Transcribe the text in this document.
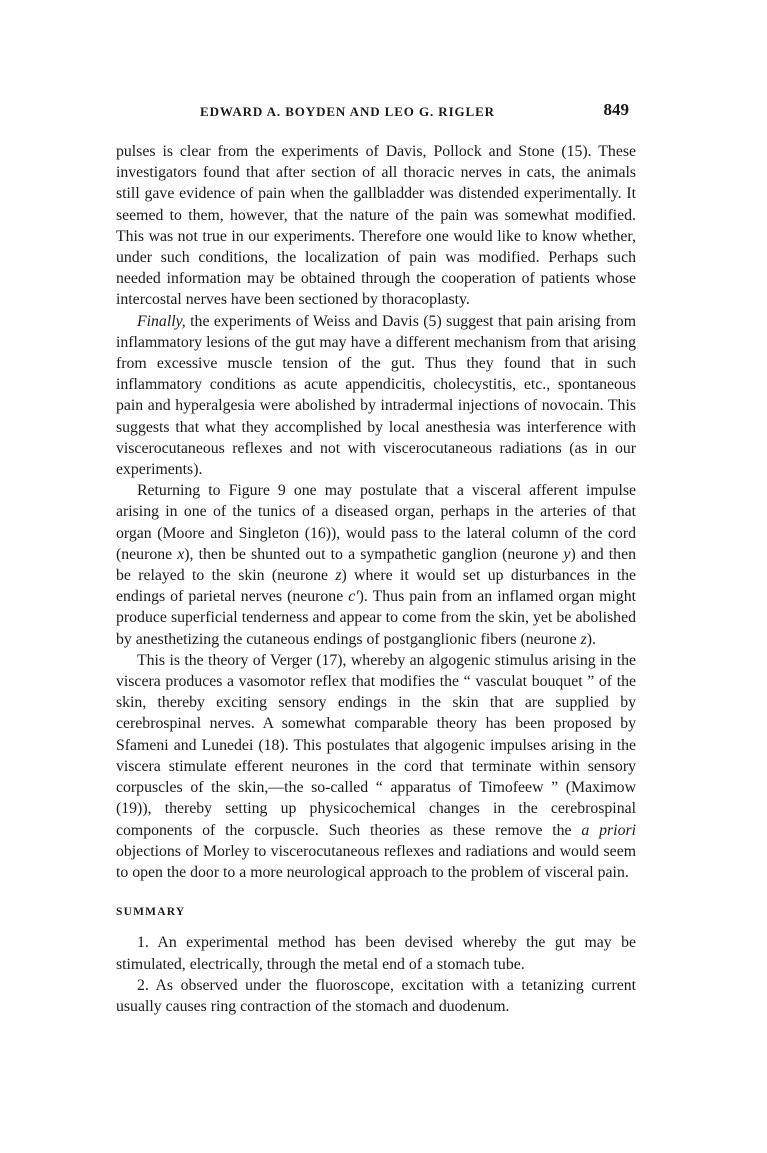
EDWARD A. BOYDEN AND LEO G. RIGLER	849

pulses is clear from the experiments of Davis, Pollock and Stone (15). These investigators found that after section of all thoracic nerves in cats, the animals still gave evidence of pain when the gallbladder was distended experimentally. It seemed to them, however, that the nature of the pain was somewhat modified. This was not true in our experiments. Therefore one would like to know whether, under such conditions, the localization of pain was modified. Perhaps such needed information may be obtained through the cooperation of patients whose intercostal nerves have been sectioned by thoracoplasty.

Finally, the experiments of Weiss and Davis (5) suggest that pain arising from inflammatory lesions of the gut may have a different mechanism from that arising from excessive muscle tension of the gut. Thus they found that in such inflammatory conditions as acute appendicitis, cholecystitis, etc., spontaneous pain and hyperalgesia were abolished by intradermal injections of novocain. This suggests that what they accomplished by local anesthesia was interference with viscerocutaneous reflexes and not with viscerocutaneous radiations (as in our experiments).

Returning to Figure 9 one may postulate that a visceral afferent impulse arising in one of the tunics of a diseased organ, perhaps in the arteries of that organ (Moore and Singleton (16)), would pass to the lateral column of the cord (neurone x), then be shunted out to a sympathetic ganglion (neurone y) and then be relayed to the skin (neurone z) where it would set up disturbances in the endings of parietal nerves (neurone c'). Thus pain from an inflamed organ might produce superficial tenderness and appear to come from the skin, yet be abolished by anesthetizing the cutaneous endings of postganglionic fibers (neurone z).

This is the theory of Verger (17), whereby an algogenic stimulus arising in the viscera produces a vasomotor reflex that modifies the “ vasculat bouquet ” of the skin, thereby exciting sensory endings in the skin that are supplied by cerebrospinal nerves. A somewhat comparable theory has been proposed by Sfameni and Lunedei (18). This postulates that algogenic impulses arising in the viscera stimulate efferent neurones in the cord that terminate within sensory corpuscles of the skin,—the so-called “ apparatus of Timofeew ” (Maximow (19)), thereby setting up physicochemical changes in the cerebrospinal components of the corpuscle. Such theories as these remove the a priori objections of Morley to viscerocutaneous reflexes and radiations and would seem to open the door to a more neurological approach to the problem of visceral pain.

SUMMARY

1. An experimental method has been devised whereby the gut may be stimulated, electrically, through the metal end of a stomach tube.

2. As observed under the fluoroscope, excitation with a tetanizing current usually causes ring contraction of the stomach and duodenum.
